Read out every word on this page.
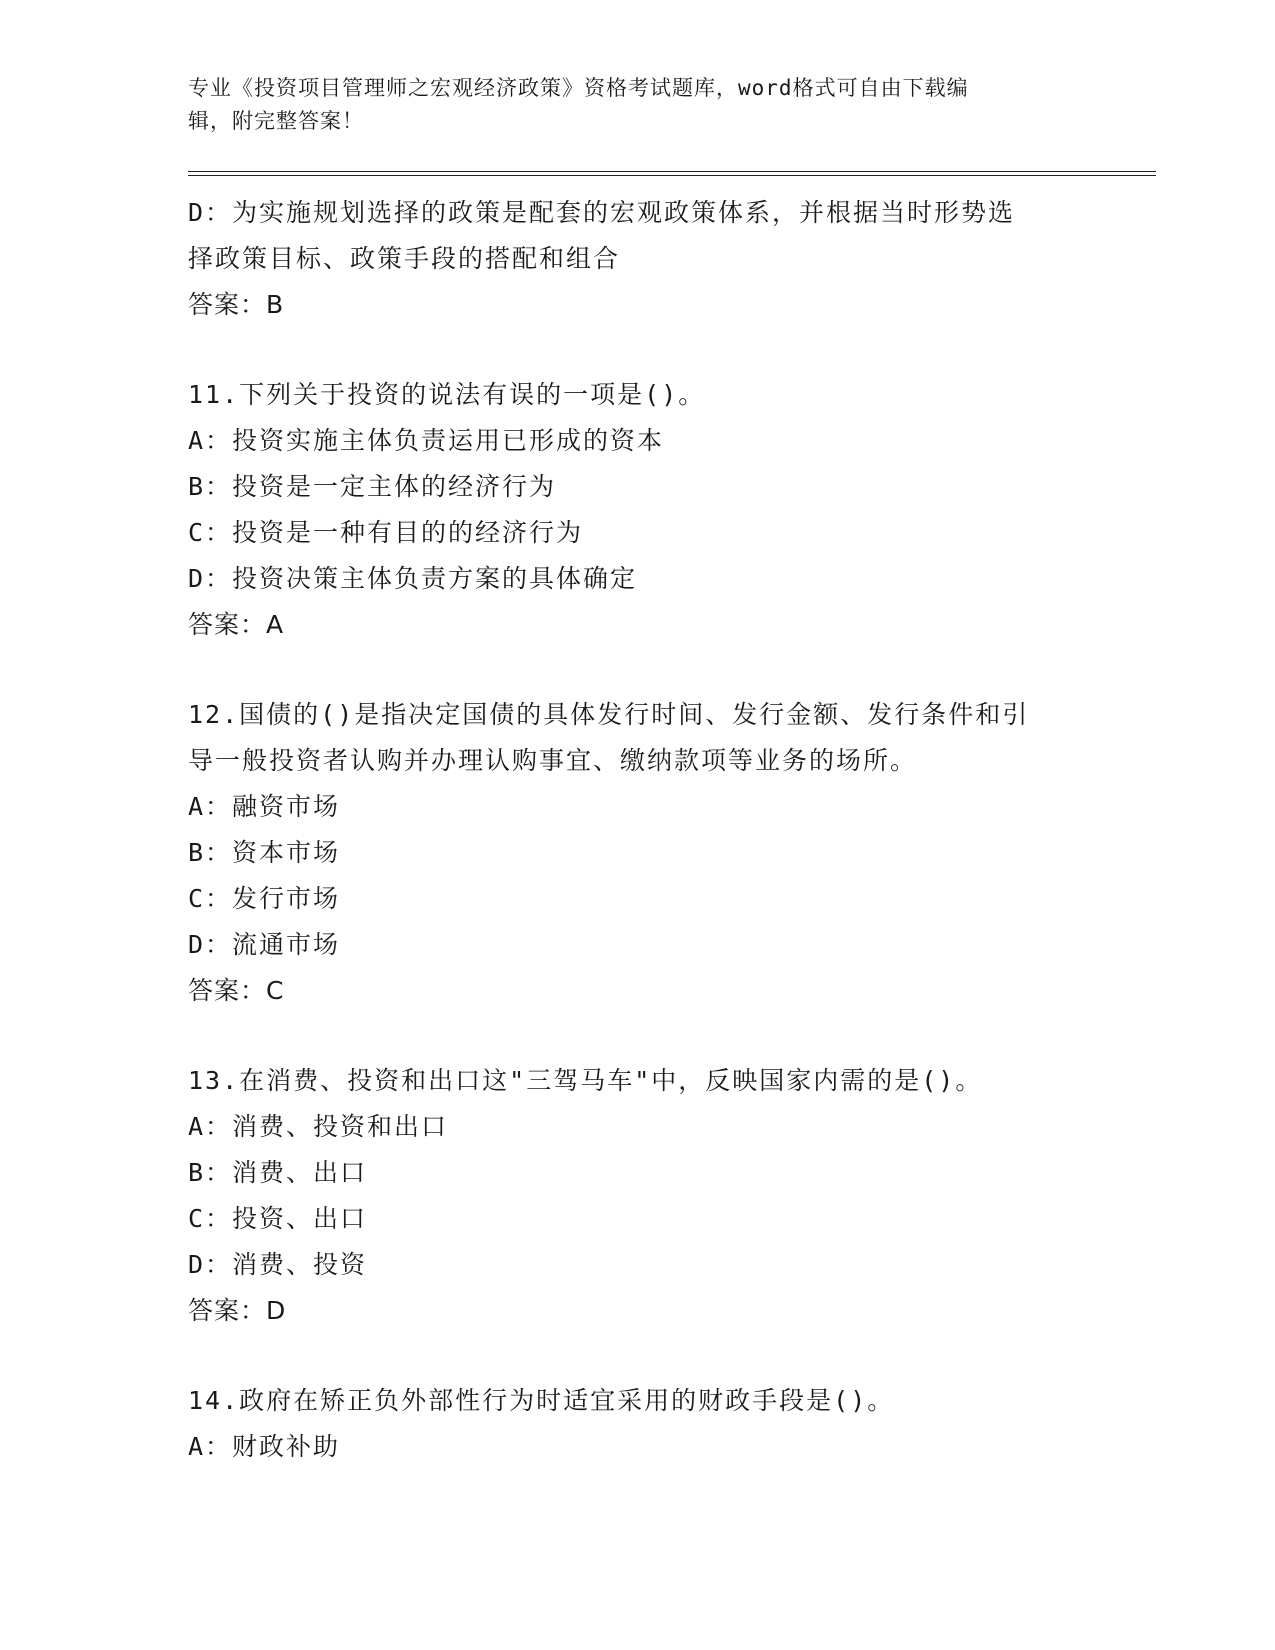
专业《投资项目管理师之宏观经济政策》资格考试题库，word格式可自由下载编
辑，附完整答案！
D：为实施规划选择的政策是配套的宏观政策体系，并根据当时形势选
择政策目标、政策手段的搭配和组合
答案：B
11.下列关于投资的说法有误的一项是()。
A：投资实施主体负责运用已形成的资本
B：投资是一定主体的经济行为
C：投资是一种有目的的经济行为
D：投资决策主体负责方案的具体确定
答案：A
12.国债的()是指决定国债的具体发行时间、发行金额、发行条件和引
导一般投资者认购并办理认购事宜、缴纳款项等业务的场所。
A：融资市场
B：资本市场
C：发行市场
D：流通市场
答案：C
13.在消费、投资和出口这"三驾马车"中，反映国家内需的是()。
A：消费、投资和出口
B：消费、出口
C：投资、出口
D：消费、投资
答案：D
14.政府在矫正负外部性行为时适宜采用的财政手段是()。
A：财政补助
